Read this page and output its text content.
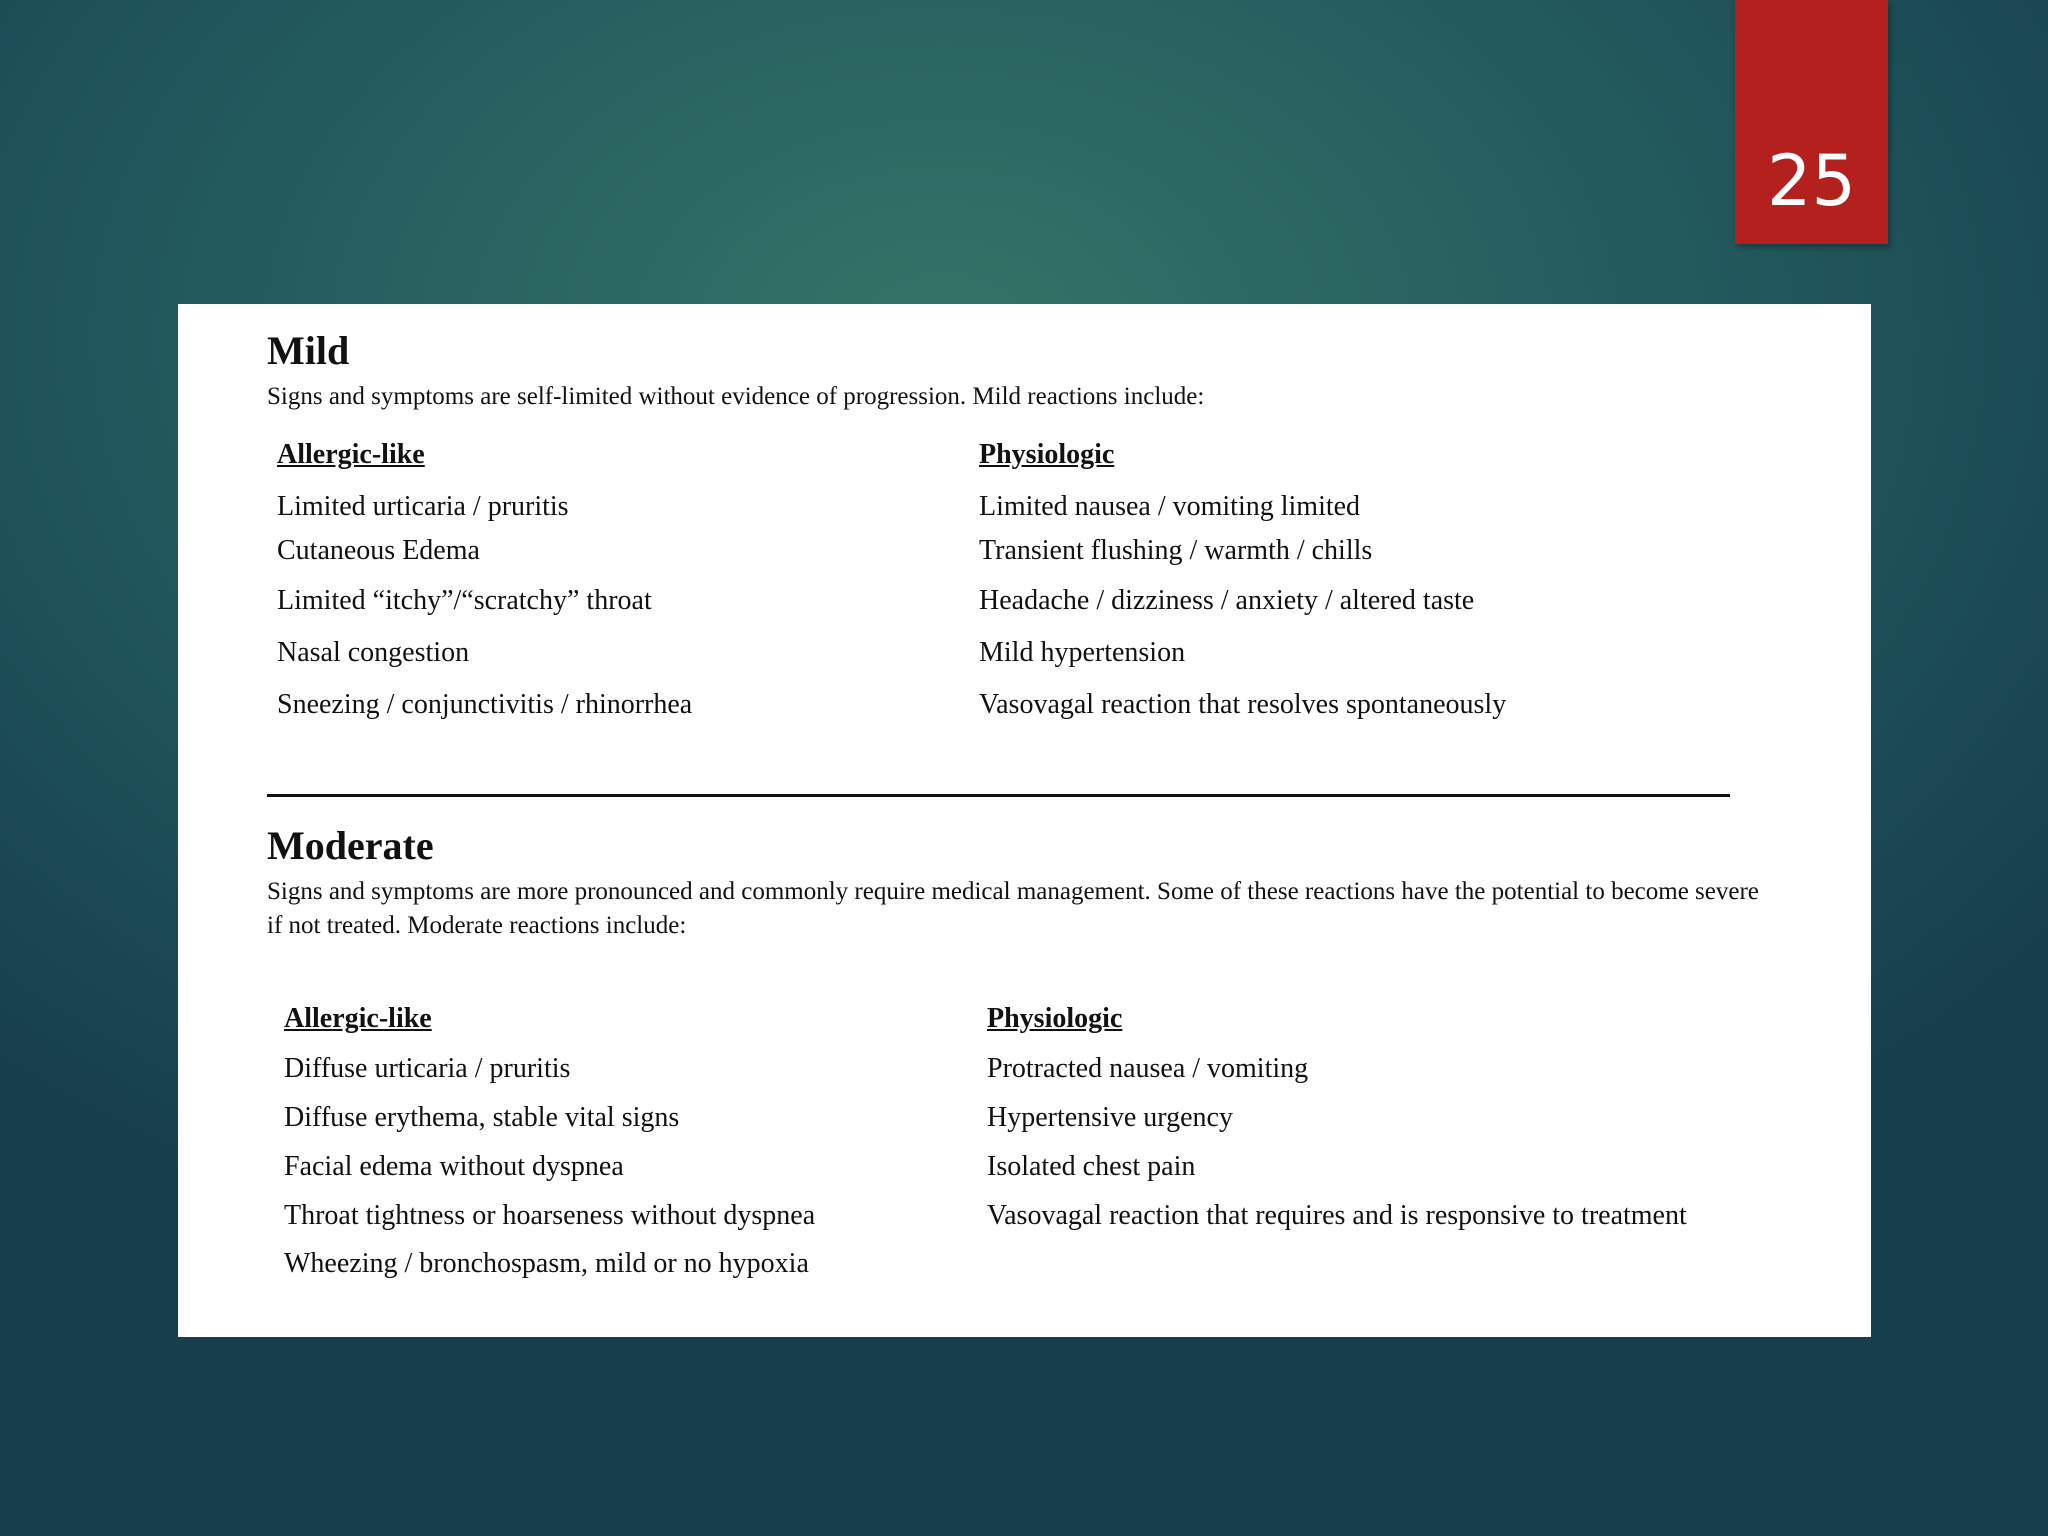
25
Mild
Signs and symptoms are self-limited without evidence of progression. Mild reactions include:
Allergic-like
Limited urticaria / pruritis
Cutaneous Edema
Limited “itchy”/“scratchy” throat
Nasal congestion
Sneezing / conjunctivitis / rhinorrhea
Physiologic
Limited nausea / vomiting limited
Transient flushing / warmth / chills
Headache / dizziness / anxiety / altered taste
Mild hypertension
Vasovagal reaction that resolves spontaneously
Moderate
Signs and symptoms are more pronounced and commonly require medical management. Some of these reactions have the potential to become severe if not treated. Moderate reactions include:
Allergic-like
Diffuse urticaria / pruritis
Diffuse erythema, stable vital signs
Facial edema without dyspnea
Throat tightness or hoarseness without dyspnea
Wheezing / bronchospasm, mild or no hypoxia
Physiologic
Protracted nausea / vomiting
Hypertensive urgency
Isolated chest pain
Vasovagal reaction that requires and is responsive to treatment
